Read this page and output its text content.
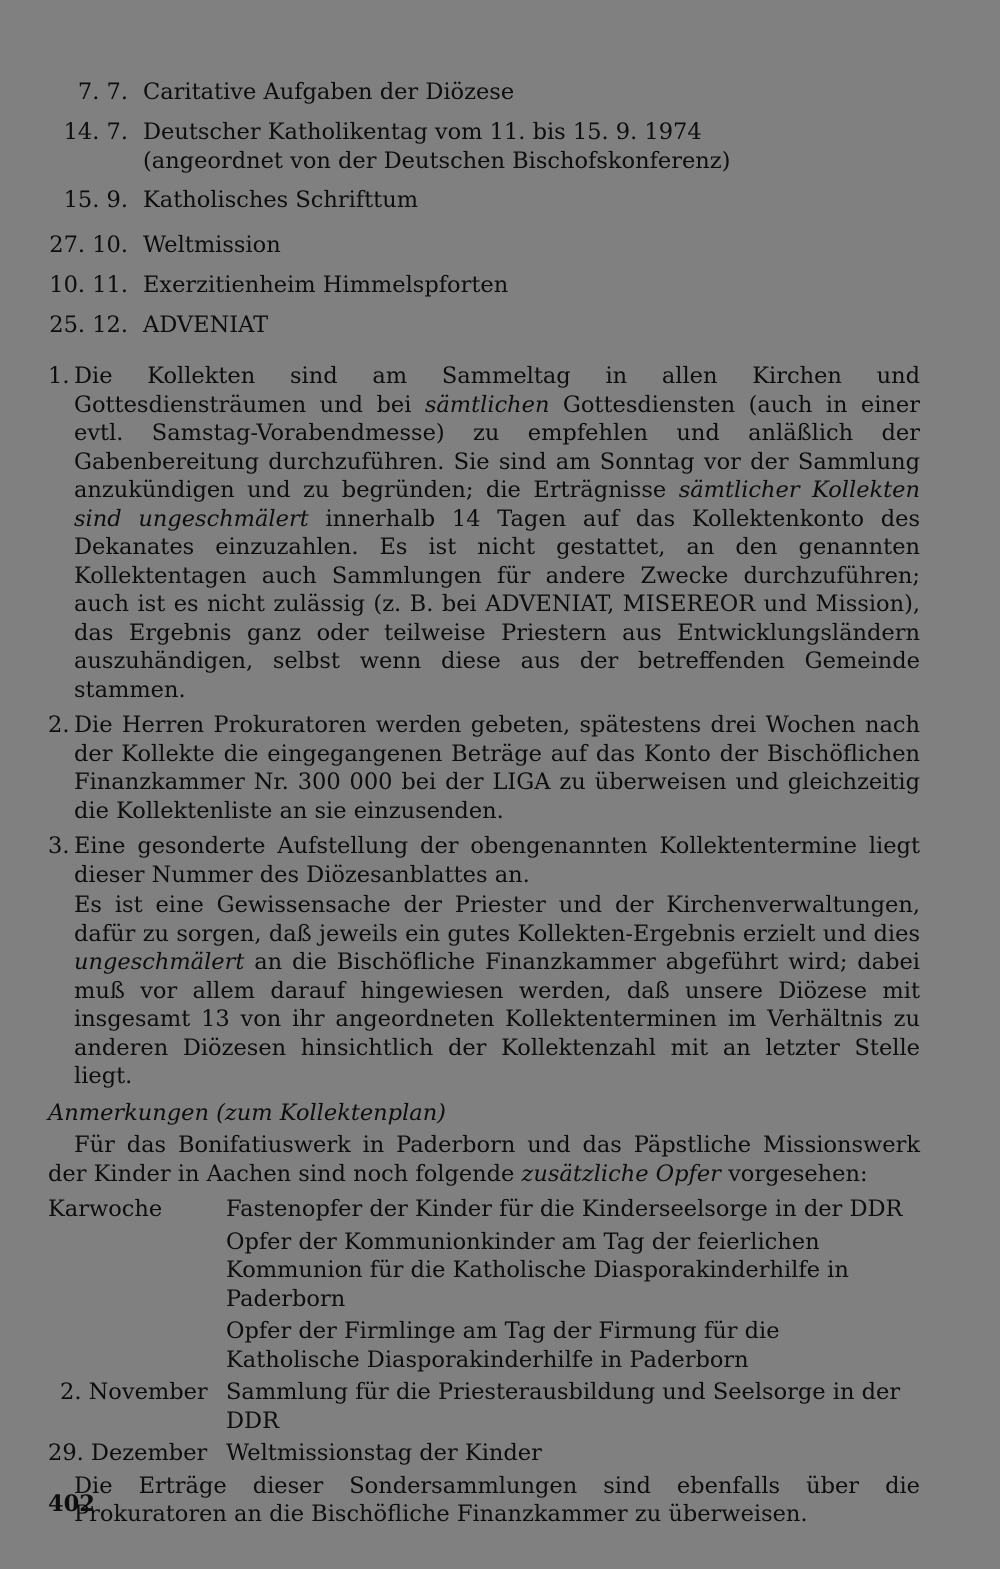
7. 7. Caritative Aufgaben der Diözese
14. 7. Deutscher Katholikentag vom 11. bis 15. 9. 1974
(angeordnet von der Deutschen Bischofskonferenz)
15. 9. Katholisches Schrifttum
27. 10. Weltmission
10. 11. Exerzitienheim Himmelspforten
25. 12. ADVENIAT
1. Die Kollekten sind am Sammeltag in allen Kirchen und Gottesdiensträumen und bei sämtlichen Gottesdiensten (auch in einer evtl. Samstag-Vorabendmesse) zu empfehlen und anläßlich der Gabenbereitung durchzuführen. Sie sind am Sonntag vor der Sammlung anzukündigen und zu begründen; die Erträgnisse sämtlicher Kollekten sind ungeschmälert innerhalb 14 Tagen auf das Kollektenkonto des Dekanates einzuzahlen. Es ist nicht gestattet, an den genannten Kollektentagen auch Sammlungen für andere Zwecke durchzuführen; auch ist es nicht zulässig (z. B. bei ADVENIAT, MISEREOR und Mission), das Ergebnis ganz oder teilweise Priestern aus Entwicklungsländern auszuhändigen, selbst wenn diese aus der betreffenden Gemeinde stammen.
2. Die Herren Prokuratoren werden gebeten, spätestens drei Wochen nach der Kollekte die eingegangenen Beträge auf das Konto der Bischöflichen Finanzkammer Nr. 300 000 bei der LIGA zu überweisen und gleichzeitig die Kollektenliste an sie einzusenden.
3. Eine gesonderte Aufstellung der obengenannten Kollektentermine liegt dieser Nummer des Diözesanblattes an.
Es ist eine Gewissensache der Priester und der Kirchenverwaltungen, dafür zu sorgen, daß jeweils ein gutes Kollekten-Ergebnis erzielt und dies ungeschmälert an die Bischöfliche Finanzkammer abgeführt wird; dabei muß vor allem darauf hingewiesen werden, daß unsere Diözese mit insgesamt 13 von ihr angeordneten Kollektenterminen im Verhältnis zu anderen Diözesen hinsichtlich der Kollektenzahl mit an letzter Stelle liegt.
Anmerkungen (zum Kollektenplan)
Für das Bonifatiuswerk in Paderborn und das Päpstliche Missionswerk der Kinder in Aachen sind noch folgende zusätzliche Opfer vorgesehen:
Karwoche	Fastenopfer der Kinder für die Kinderseelsorge in der DDR
Opfer der Kommunionkinder am Tag der feierlichen Kommunion für die Katholische Diasporakinderhilfe in Paderborn
Opfer der Firmlinge am Tag der Firmung für die Katholische Diasporakinderhilfe in Paderborn
2. November Sammlung für die Priesterausbildung und Seelsorge in der DDR
29. Dezember Weltmissionstag der Kinder
Die Erträge dieser Sondersammlungen sind ebenfalls über die Prokuratoren an die Bischöfliche Finanzkammer zu überweisen.
402
